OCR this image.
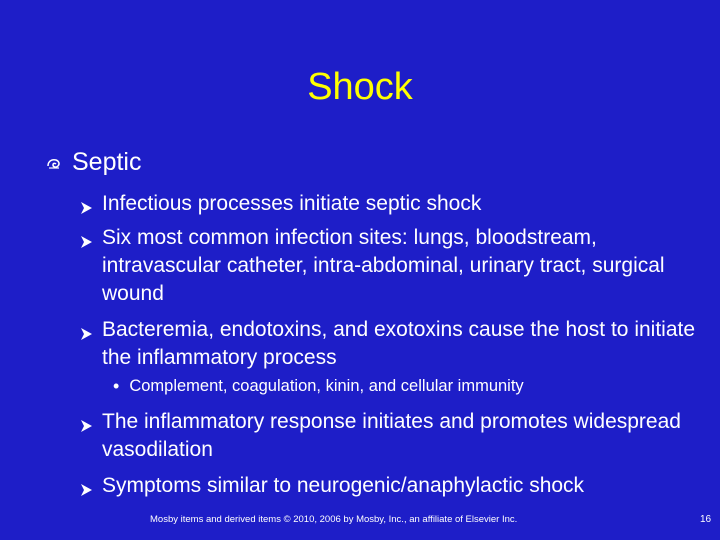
Shock
Septic
Infectious processes initiate septic shock
Six most common infection sites: lungs, bloodstream, intravascular catheter, intra-abdominal, urinary tract, surgical wound
Bacteremia, endotoxins, and exotoxins cause the host to initiate the inflammatory process
• Complement, coagulation, kinin, and cellular immunity
The inflammatory response initiates and promotes widespread vasodilation
Symptoms similar to neurogenic/anaphylactic shock
Mosby items and derived items © 2010, 2006 by Mosby, Inc., an affiliate of Elsevier Inc.	16
